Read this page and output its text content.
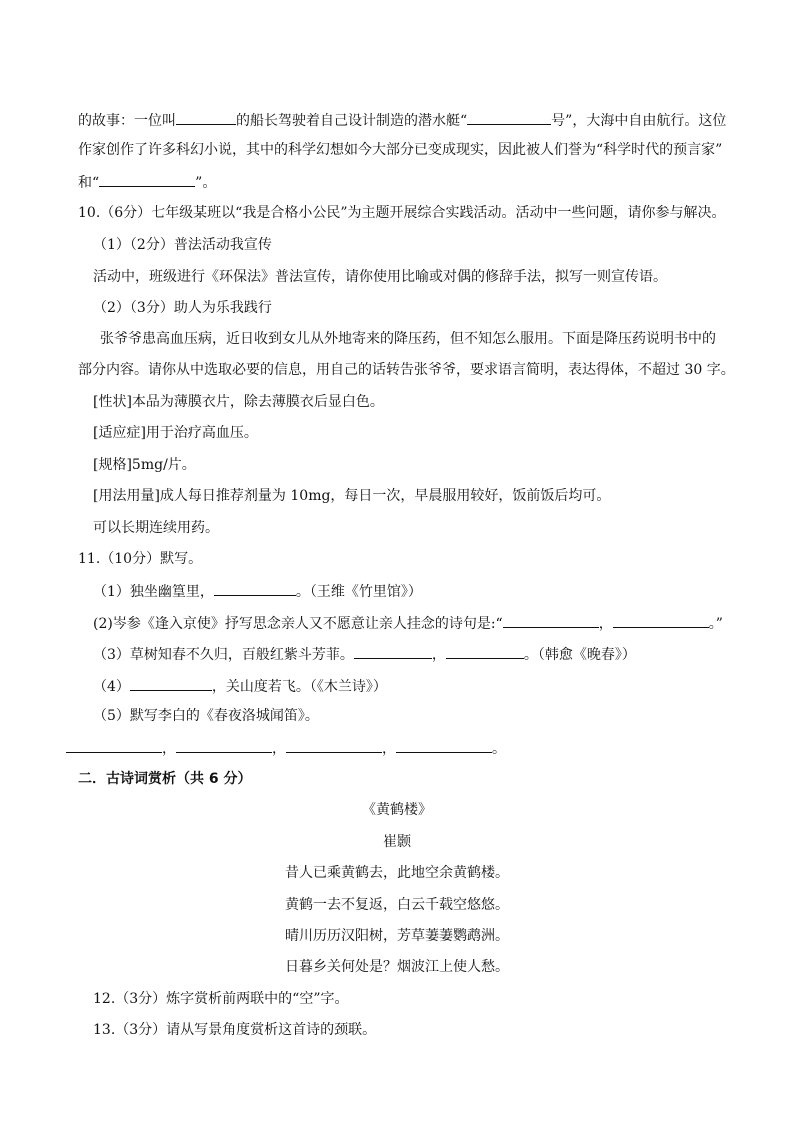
的故事：一位叫	的船长驾驶着自己设计制造的潜水艇“	号”，大海中自由航行。这位
作家创作了许多科幻小说，其中的科学幻想如今大部分已变成现实，因此被人们誉为“科学时代的预言家”
和“	”。
10.（6分）七年级某班以“我是合格小公民”为主题开展综合实践活动。活动中一些问题，请你参与解决。
（1）（2分）普法活动我宣传
活动中，班级进行《环保法》普法宣传，请你使用比喻或对偶的修辞手法，拟写一则宣传语。
（2）（3分）助人为乐我践行
张爷爷患高血压病，近日收到女儿从外地寄来的降压药，但不知怎么服用。下面是降压药说明书中的
部分内容。请你从中选取必要的信息，用自己的话转告张爷爷，要求语言简明，表达得体，不超过 30 字。
[性状]本品为薄膜衣片，除去薄膜衣后显白色。
[适应症]用于治疗高血压。
[规格]5mg/片。
[用法用量]成人每日推荐剂量为 10mg，每日一次，早晨服用较好，饭前饭后均可。
可以长期连续用药。
11.（10分）默写。
（1）独坐幽篁里，	。（王维《竹里馆》）
(2)岑参《逢入京使》抒写思念亲人又不愿意让亲人挂念的诗句是:“	，	。”
（3）草树知春不久归，百般红紫斗芳菲。	，	。（韩愈《晚春》）
（4）	，关山度若飞。（《木兰诗》）
（5）默写李白的《春夜洛城闻笛》。
，	，	，	。
二．古诗词赏析（共 6 分）
《黄鹤楼》
崔颢
昔人已乘黄鹤去，此地空余黄鹤楼。
黄鹤一去不复返，白云千载空悠悠。
晴川历历汉阳树，芳草萋萋鹦鹉洲。
日暮乡关何处是？烟波江上使人愁。
12.（3分）炼字赏析前两联中的“空”字。
13.（3分）请从写景角度赏析这首诗的颈联。
